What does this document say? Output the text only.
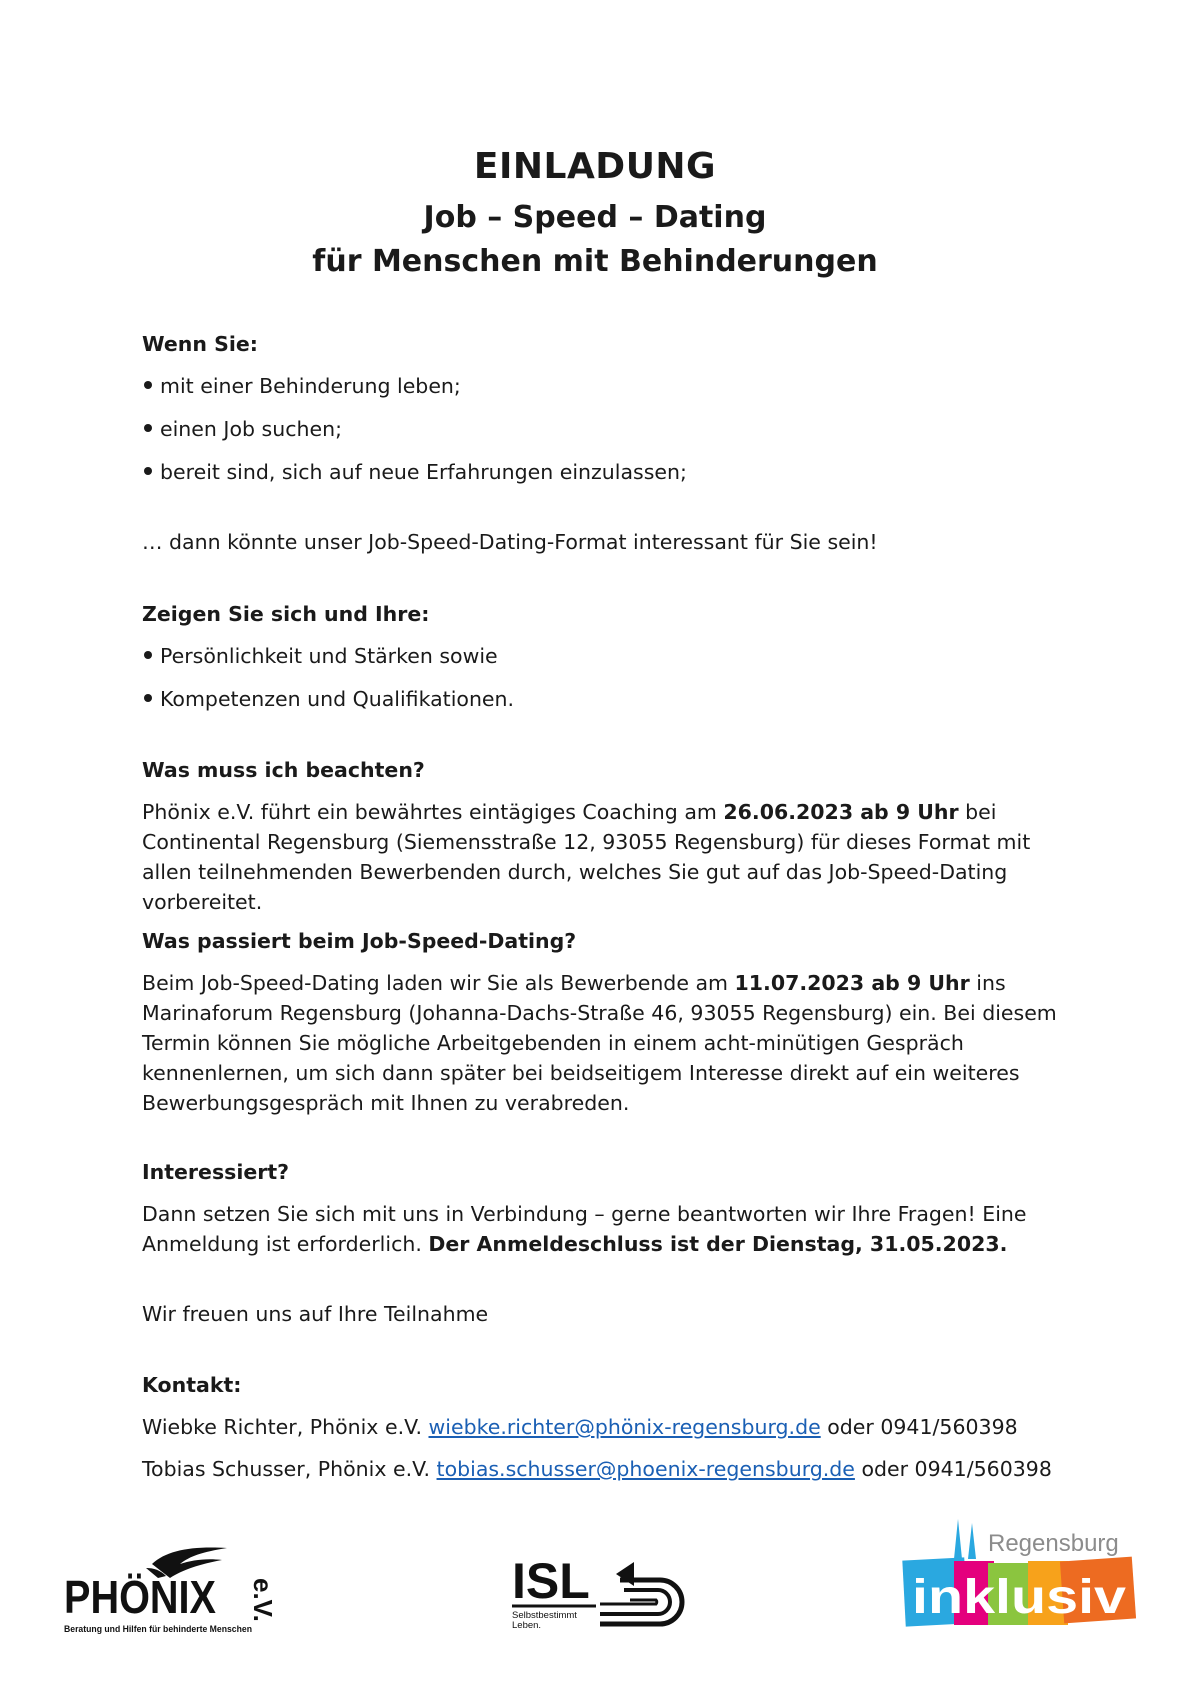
EINLADUNG
Job – Speed – Dating
für Menschen mit Behinderungen
Wenn Sie:
mit einer Behinderung leben;
einen Job suchen;
bereit sind, sich auf neue Erfahrungen einzulassen;
… dann könnte unser Job-Speed-Dating-Format interessant für Sie sein!
Zeigen Sie sich und Ihre:
Persönlichkeit und Stärken sowie
Kompetenzen und Qualifikationen.
Was muss ich beachten?
Phönix e.V. führt ein bewährtes eintägiges Coaching am 26.06.2023 ab 9 Uhr bei Continental Regensburg (Siemensstraße 12, 93055 Regensburg) für dieses Format mit allen teilnehmenden Bewerbenden durch, welches Sie gut auf das Job-Speed-Dating vorbereitet.
Was passiert beim Job-Speed-Dating?
Beim Job-Speed-Dating laden wir Sie als Bewerbende am 11.07.2023 ab 9 Uhr ins Marinaforum Regensburg (Johanna-Dachs-Straße 46, 93055 Regensburg) ein. Bei diesem Termin können Sie mögliche Arbeitgebenden in einem acht-minütigen Gespräch kennenlernen, um sich dann später bei beidseitigem Interesse direkt auf ein weiteres Bewerbungsgespräch mit Ihnen zu verabreden.
Interessiert?
Dann setzen Sie sich mit uns in Verbindung – gerne beantworten wir Ihre Fragen! Eine Anmeldung ist erforderlich. Der Anmeldeschluss ist der Dienstag, 31.05.2023.
Wir freuen uns auf Ihre Teilnahme
Kontakt:
Wiebke Richter, Phönix e.V. wiebke.richter@phönix-regensburg.de oder 0941/560398
Tobias Schusser, Phönix e.V. tobias.schusser@phoenix-regensburg.de oder 0941/560398
PHÖNIX e.V.
Beratung und Hilfen für behinderte Menschen
ISL
Selbstbestimmt
Leben.
Regensburg
inklusiv
